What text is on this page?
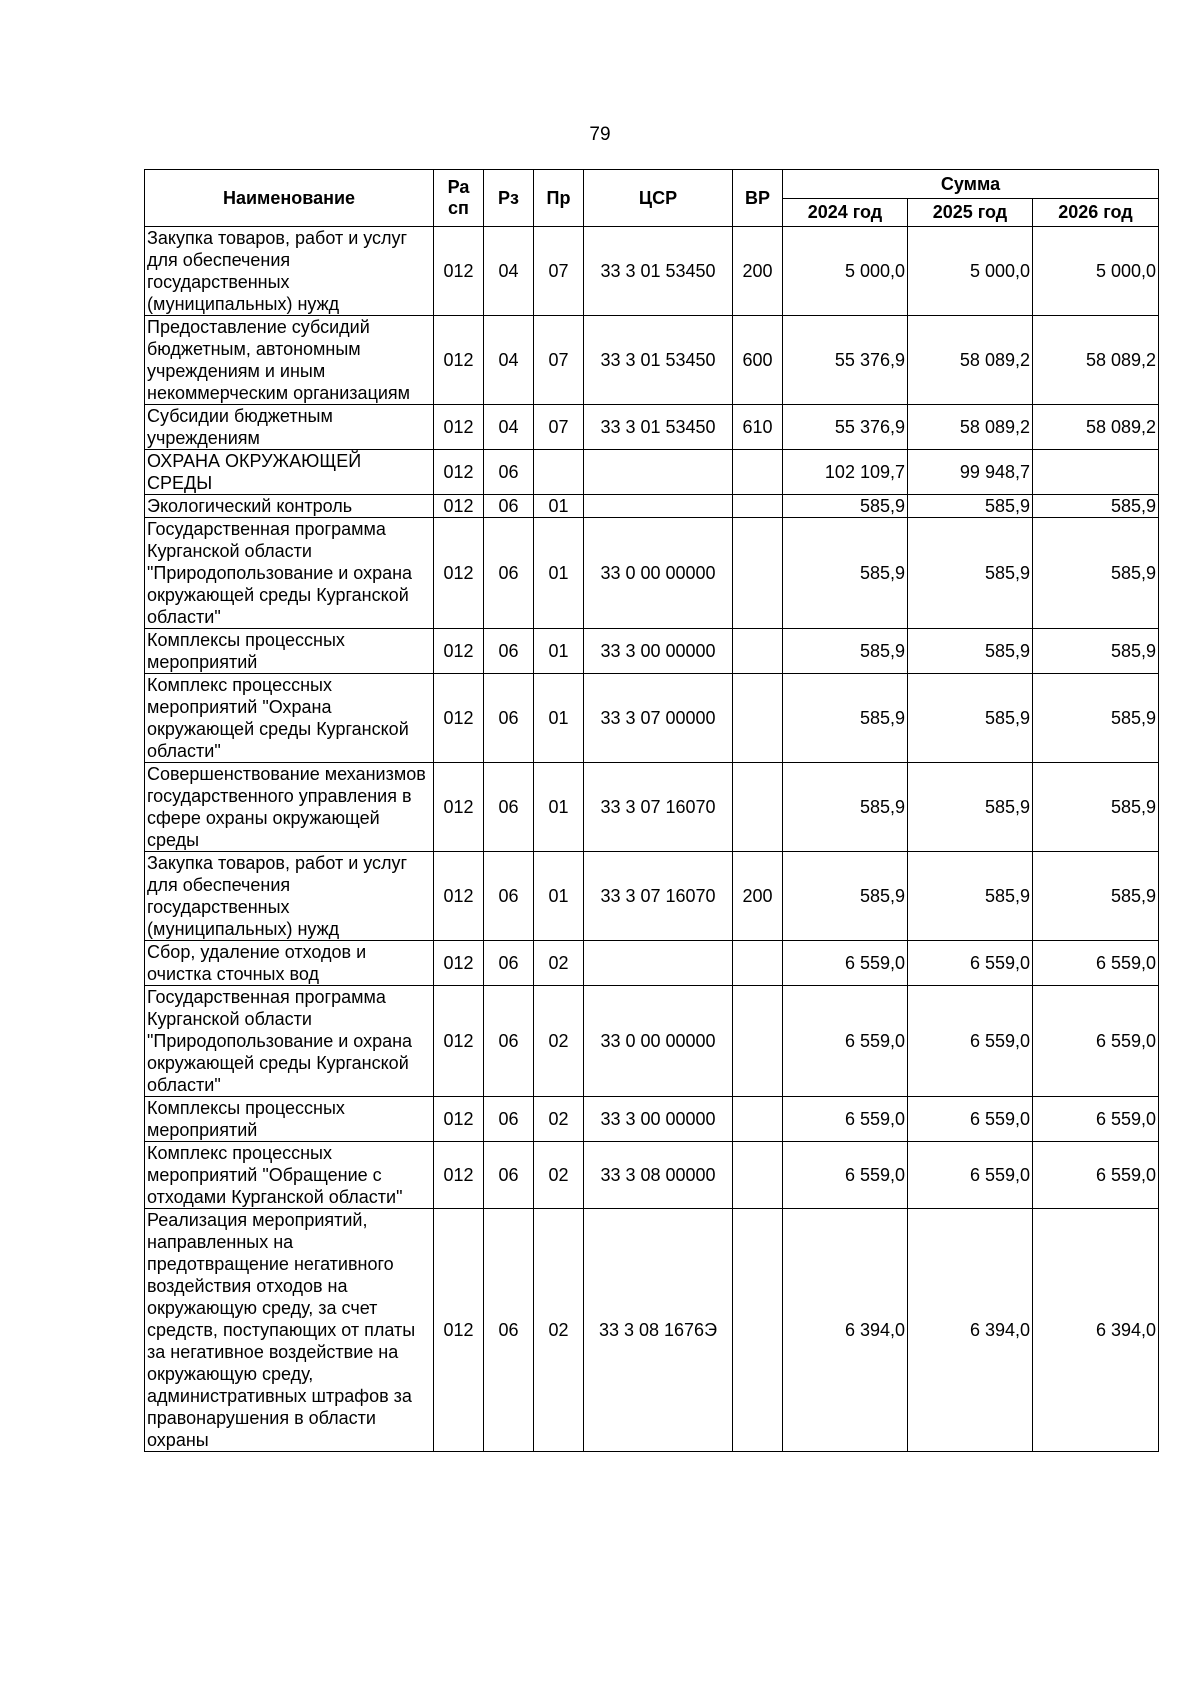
79
Наименование	Ра сп	Рз	Пр	ЦСР	ВР	Сумма		
						2024 год	2025 год	2026 год
Закупка товаров, работ и услуг для обеспечения государственных (муниципальных) нужд	012	04	07	33 3 01 53450	200	5 000,0	5 000,0	5 000,0
Предоставление субсидий бюджетным, автономным учреждениям и иным некоммерческим организациям	012	04	07	33 3 01 53450	600	55 376,9	58 089,2	58 089,2
Субсидии бюджетным учреждениям	012	04	07	33 3 01 53450	610	55 376,9	58 089,2	58 089,2
ОХРАНА ОКРУЖАЮЩЕЙ СРЕДЫ	012	06				102 109,7	99 948,7	
Экологический контроль	012	06	01			585,9	585,9	585,9
Государственная программа Курганской области "Природопользование и охрана окружающей среды Курганской области"	012	06	01	33 0 00 00000		585,9	585,9	585,9
Комплексы процессных мероприятий	012	06	01	33 3 00 00000		585,9	585,9	585,9
Комплекс процессных мероприятий "Охрана окружающей среды Курганской области"	012	06	01	33 3 07 00000		585,9	585,9	585,9
Совершенствование механизмов государственного управления в сфере охраны окружающей среды	012	06	01	33 3 07 16070		585,9	585,9	585,9
Закупка товаров, работ и услуг для обеспечения государственных (муниципальных) нужд	012	06	01	33 3 07 16070	200	585,9	585,9	585,9
Сбор, удаление отходов и очистка сточных вод	012	06	02			6 559,0	6 559,0	6 559,0
Государственная программа Курганской области "Природопользование и охрана окружающей среды Курганской области"	012	06	02	33 0 00 00000		6 559,0	6 559,0	6 559,0
Комплексы процессных мероприятий	012	06	02	33 3 00 00000		6 559,0	6 559,0	6 559,0
Комплекс процессных мероприятий "Обращение с отходами Курганской области"	012	06	02	33 3 08 00000		6 559,0	6 559,0	6 559,0
Реализация мероприятий, направленных на предотвращение негативного воздействия отходов на окружающую среду, за счет средств, поступающих от платы за негативное воздействие на окружающую среду, административных штрафов за правонарушения в области охраны	012	06	02	33 3 08 1676Э		6 394,0	6 394,0	6 394,0
